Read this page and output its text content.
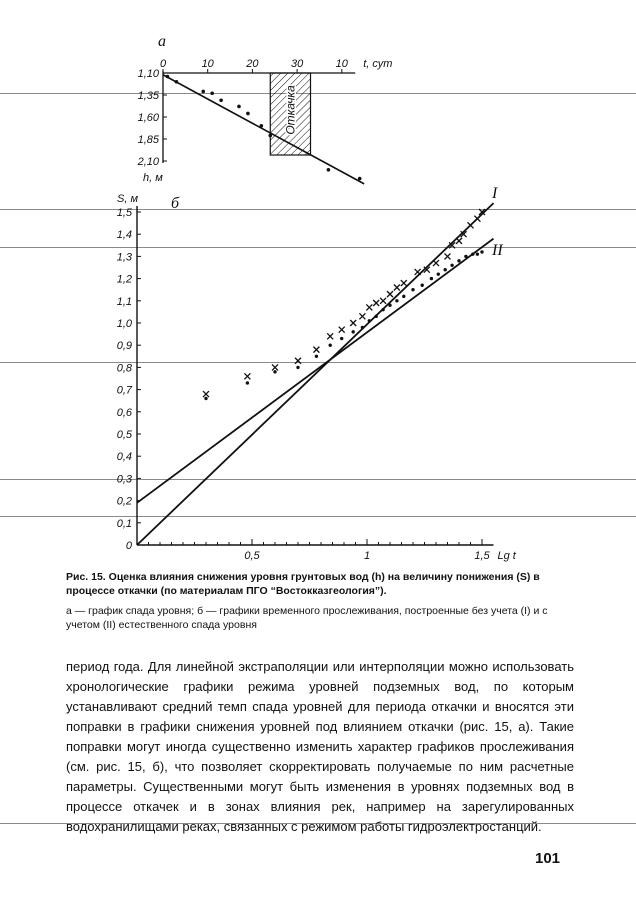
Откачка
0	10	20	30	10 t, сут
1,10
1,35
1,60
1,85
2,10
h, м
0,5	1	1,5 Lg t
0
0,1
0,2
0,3
0,4
0,5
0,6
0,7
0,8
0,9
1,0
1,1
1,2
1,3
1,4
1,5
S, м
а
б
I
II
Рис. 15. Оценка влияния снижения уровня грунтовых вод (h) на величину понижения (S) в процессе откачки (по материалам ПГО “Востокказгеология”).
а — график спада уровня; б — графики временного прослеживания, построенные без учета (I) и с учетом (II) естественного спада уровня
период года. Для линейной экстраполяции или интерполяции можно использовать хронологические графики режима уровней подземных вод, по которым устанавливают средний темп спада уровней для периода откачки и вносятся эти поправки в графики снижения уровней под влиянием откачки (рис. 15, а). Такие поправки могут иногда существенно изменить характер графиков прослеживания (см. рис. 15, б), что позволяет скорректировать получаемые по ним расчетные параметры. Существенными могут быть изменения в уровнях подземных вод в процессе откачек и в зонах влияния рек, например на зарегулированных водохранилищами реках, связанных с режимом работы гидроэлектростанций.
101
